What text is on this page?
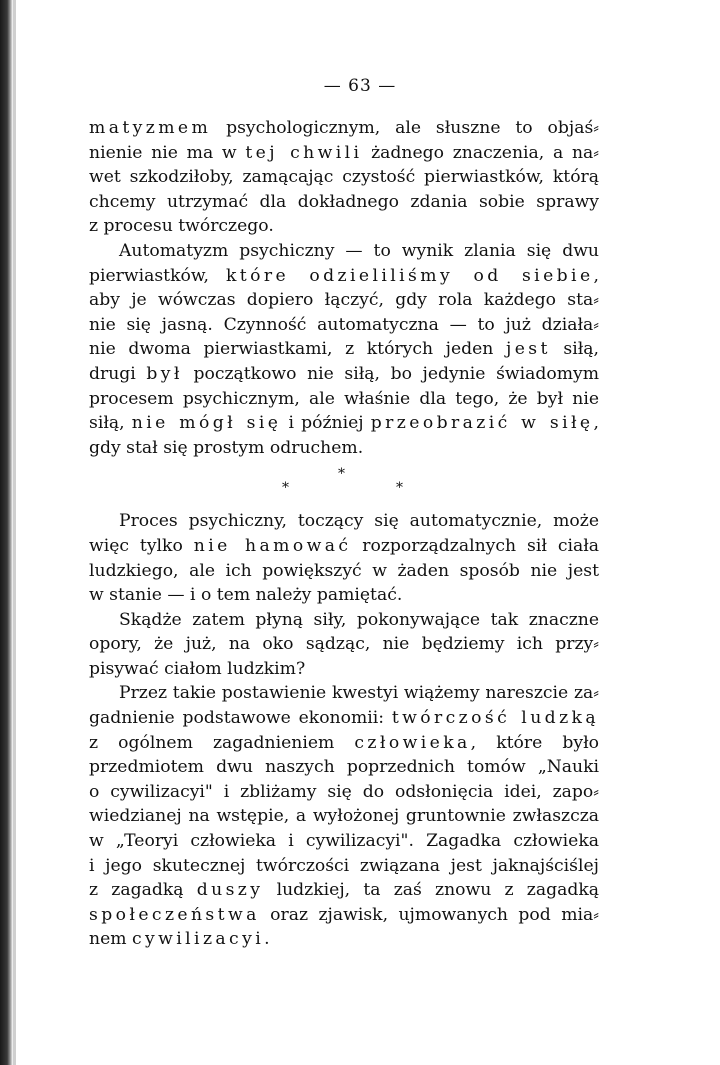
— 63 —
matyzmem psychologicznym, ale słuszne to objaś⸗
nienie nie ma w tej chwili żadnego znaczenia, a na⸗
wet szkodziłoby, zamącając czystość pierwiastków, którą
chcemy utrzymać dla dokładnego zdania sobie sprawy
z procesu twórczego.
Automatyzm psychiczny — to wynik zlania się dwu
pierwiastków, które odzieliliśmy od siebie,
aby je wówczas dopiero łączyć, gdy rola każdego sta⸗
nie się jasną. Czynność automatyczna — to już działa⸗
nie dwoma pierwiastkami, z których jeden jest siłą,
drugi był początkowo nie siłą, bo jedynie świadomym
procesem psychicznym, ale właśnie dla tego, że był nie
siłą, nie mógł się i później przeobrazić w siłę,
gdy stał się prostym odruchem.
*
*	*
Proces psychiczny, toczący się automatycznie, może
więc tylko nie hamować rozporządzalnych sił ciała
ludzkiego, ale ich powiększyć w żaden sposób nie jest
w stanie — i o tem należy pamiętać.
Skądże zatem płyną siły, pokonywające tak znaczne
opory, że już, na oko sądząc, nie będziemy ich przy⸗
pisywać ciałom ludzkim?
Przez takie postawienie kwestyi wiążemy nareszcie za⸗
gadnienie podstawowe ekonomii: twórczość ludzką
z ogólnem zagadnieniem człowieka, które było
przedmiotem dwu naszych poprzednich tomów „Nauki
o cywilizacyi" i zbliżamy się do odsłonięcia idei, zapo⸗
wiedzianej na wstępie, a wyłożonej gruntownie zwłaszcza
w „Teoryi człowieka i cywilizacyi". Zagadka człowieka
i jego skutecznej twórczości związana jest jaknajściślej
z zagadką duszy ludzkiej, ta zaś znowu z zagadką
społeczeństwa oraz zjawisk, ujmowanych pod mia⸗
nem cywilizacyi.
